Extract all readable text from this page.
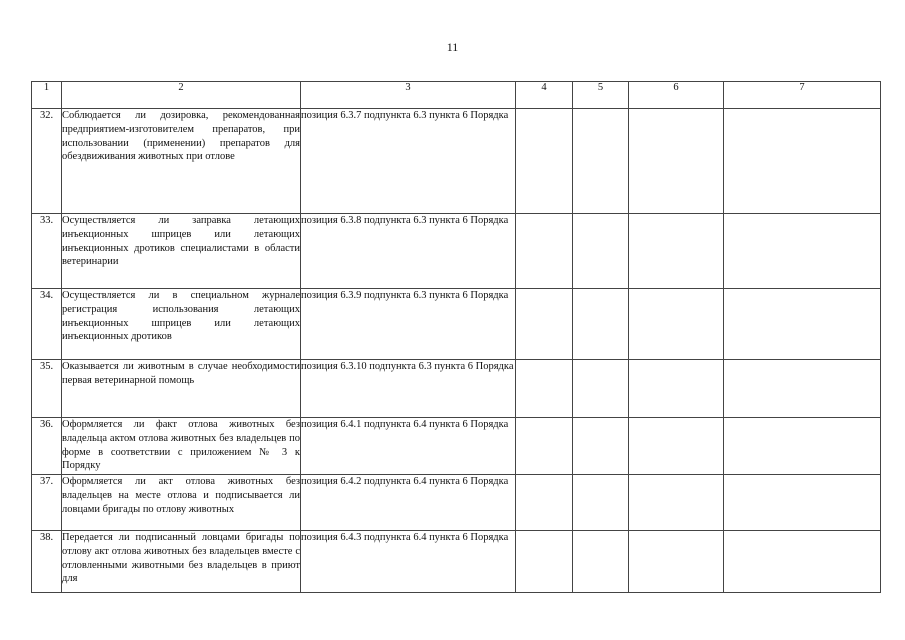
11
1	2	3	4	5	6	7
32.	Соблюдается ли дозировка, рекомендованная предприятием-изготовителем препаратов, при использовании (применении) препаратов для обездвиживания животных при отлове	позиция 6.3.7 подпункта 6.3 пункта 6 Порядка				
33.	Осуществляется ли заправка летающих инъекционных шприцев или летающих инъекционных дротиков специалистами в области ветеринарии	позиция 6.3.8 подпункта 6.3 пункта 6 Порядка				
34.	Осуществляется ли в специальном журнале регистрация использования летающих инъекционных шприцев или летающих инъекционных дротиков	позиция 6.3.9 подпункта 6.3 пункта 6 Порядка				
35.	Оказывается ли животным в случае необходимости первая ветеринарной помощь	позиция 6.3.10 подпункта 6.3 пункта 6 Порядка				
36.	Оформляется ли факт отлова животных без владельца актом отлова животных без владельцев по форме в соответствии с приложением № 3 к Порядку	позиция 6.4.1 подпункта 6.4 пункта 6 Порядка				
37.	Оформляется ли акт отлова животных без владельцев на месте отлова и подписывается ли ловцами бригады по отлову животных	позиция 6.4.2 подпункта 6.4 пункта 6 Порядка				
38.	Передается ли подписанный ловцами бригады по отлову акт отлова животных без владельцев вместе с отловленными животными без владельцев в приют для	позиция 6.4.3 подпункта 6.4 пункта 6 Порядка				
